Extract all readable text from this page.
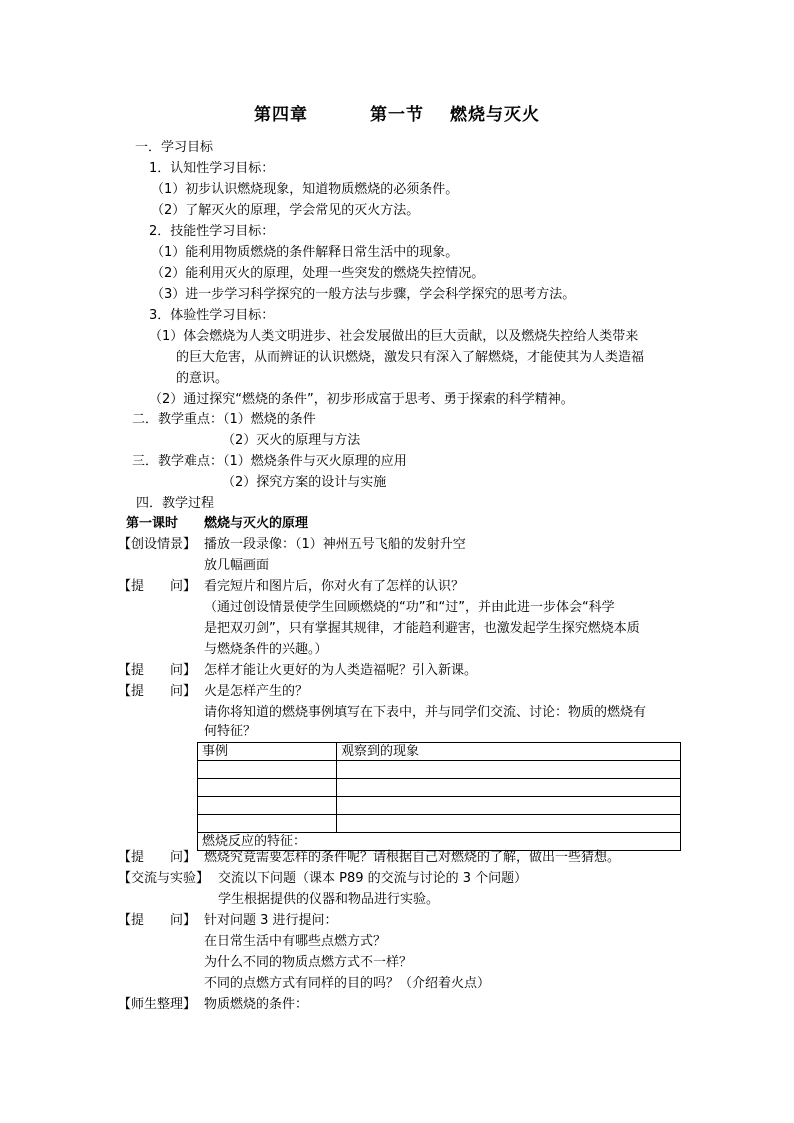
第四章	第一节 燃烧与灭火
一．学习目标
1．认知性学习目标：
（1）初步认识燃烧现象，知道物质燃烧的必须条件。
（2）了解灭火的原理，学会常见的灭火方法。
2．技能性学习目标：
（1）能利用物质燃烧的条件解释日常生活中的现象。
（2）能利用灭火的原理，处理一些突发的燃烧失控情况。
（3）进一步学习科学探究的一般方法与步骤，学会科学探究的思考方法。
3．体验性学习目标：
（1）体会燃烧为人类文明进步、社会发展做出的巨大贡献，以及燃烧失控给人类带来
的巨大危害，从而辨证的认识燃烧，激发只有深入了解燃烧，才能使其为人类造福
的意识。
（2）通过探究“燃烧的条件”，初步形成富于思考、勇于探索的科学精神。
二．教学重点：（1）燃烧的条件
（2）灭火的原理与方法
三．教学难点：（1）燃烧条件与灭火原理的应用
（2）探究方案的设计与实施
四．教学过程
第一课时　　燃烧与灭火的原理
【创设情景】 播放一段录像：（1）神州五号飞船的发射升空
放几幅画面
【提　　问】 看完短片和图片后，你对火有了怎样的认识？
（通过创设情景使学生回顾燃烧的“功”和“过”，并由此进一步体会“科学
是把双刃剑”，只有掌握其规律，才能趋利避害，也激发起学生探究燃烧本质
与燃烧条件的兴趣。）
【提　　问】 怎样才能让火更好的为人类造福呢？引入新课。
【提　　问】 火是怎样产生的？
请你将知道的燃烧事例填写在下表中，并与同学们交流、讨论：物质的燃烧有
何特征？
事例	观察到的现象

燃烧反应的特征：	
【提　　问】 燃烧究竟需要怎样的条件呢？请根据自己对燃烧的了解，做出一些猜想。
【交流与实验】 交流以下问题（课本 P89 的交流与讨论的 3 个问题）
学生根据提供的仪器和物品进行实验。
【提　　问】 针对问题 3 进行提问：
在日常生活中有哪些点燃方式？
为什么不同的物质点燃方式不一样？
不同的点燃方式有同样的目的吗？（介绍着火点）
【师生整理】 物质燃烧的条件：
